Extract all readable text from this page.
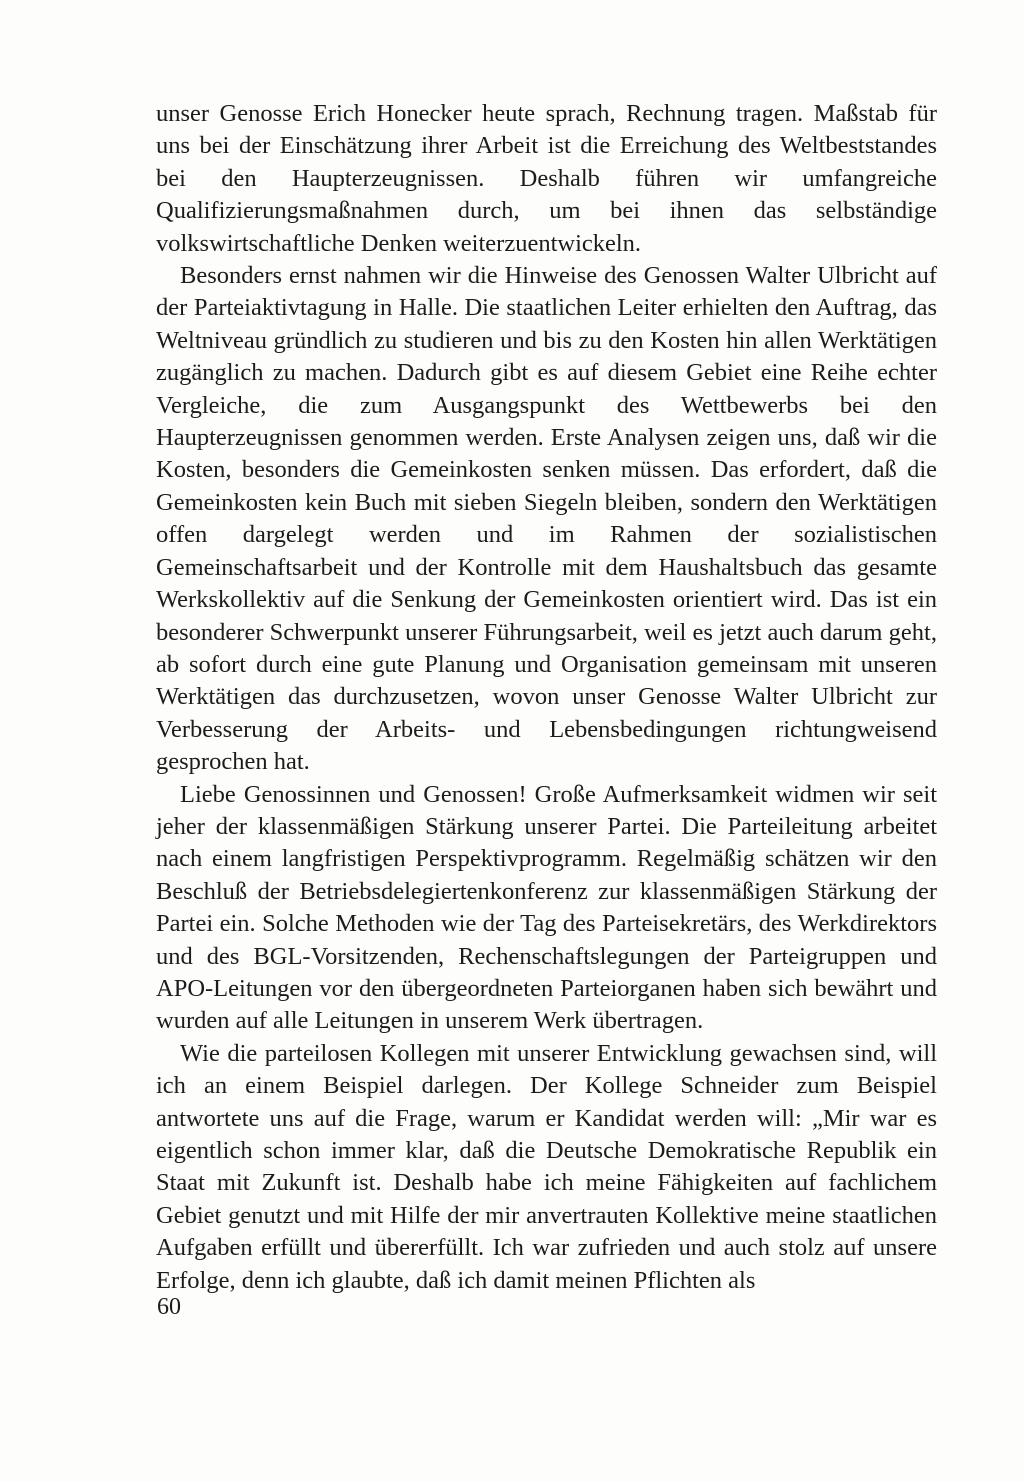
unser Genosse Erich Honecker heute sprach, Rechnung tragen. Maßstab für uns bei der Einschätzung ihrer Arbeit ist die Erreichung des Weltbeststandes bei den Haupterzeugnissen. Deshalb führen wir umfangreiche Qualifizierungsmaßnahmen durch, um bei ihnen das selbständige volkswirtschaftliche Denken weiterzuentwickeln.

Besonders ernst nahmen wir die Hinweise des Genossen Walter Ulbricht auf der Parteiaktivtagung in Halle. Die staatlichen Leiter erhielten den Auftrag, das Weltniveau gründlich zu studieren und bis zu den Kosten hin allen Werktätigen zugänglich zu machen. Dadurch gibt es auf diesem Gebiet eine Reihe echter Vergleiche, die zum Ausgangspunkt des Wettbewerbs bei den Haupterzeugnissen genommen werden. Erste Analysen zeigen uns, daß wir die Kosten, besonders die Gemeinkosten senken müssen. Das erfordert, daß die Gemeinkosten kein Buch mit sieben Siegeln bleiben, sondern den Werktätigen offen dargelegt werden und im Rahmen der sozialistischen Gemeinschaftsarbeit und der Kontrolle mit dem Haushaltsbuch das gesamte Werkskollektiv auf die Senkung der Gemeinkosten orientiert wird. Das ist ein besonderer Schwerpunkt unserer Führungsarbeit, weil es jetzt auch darum geht, ab sofort durch eine gute Planung und Organisation gemeinsam mit unseren Werktätigen das durchzusetzen, wovon unser Genosse Walter Ulbricht zur Verbesserung der Arbeits- und Lebensbedingungen richtungweisend gesprochen hat.

Liebe Genossinnen und Genossen! Große Aufmerksamkeit widmen wir seit jeher der klassenmäßigen Stärkung unserer Partei. Die Parteileitung arbeitet nach einem langfristigen Perspektivprogramm. Regelmäßig schätzen wir den Beschluß der Betriebsdelegiertenkonferenz zur klassenmäßigen Stärkung der Partei ein. Solche Methoden wie der Tag des Parteisekretärs, des Werkdirektors und des BGL-Vorsitzenden, Rechenschaftslegungen der Parteigruppen und APO-Leitungen vor den übergeordneten Parteiorganen haben sich bewährt und wurden auf alle Leitungen in unserem Werk übertragen.

Wie die parteilosen Kollegen mit unserer Entwicklung gewachsen sind, will ich an einem Beispiel darlegen. Der Kollege Schneider zum Beispiel antwortete uns auf die Frage, warum er Kandidat werden will: „Mir war es eigentlich schon immer klar, daß die Deutsche Demokratische Republik ein Staat mit Zukunft ist. Deshalb habe ich meine Fähigkeiten auf fachlichem Gebiet genutzt und mit Hilfe der mir anvertrauten Kollektive meine staatlichen Aufgaben erfüllt und übererfüllt. Ich war zufrieden und auch stolz auf unsere Erfolge, denn ich glaubte, daß ich damit meinen Pflichten als

60
